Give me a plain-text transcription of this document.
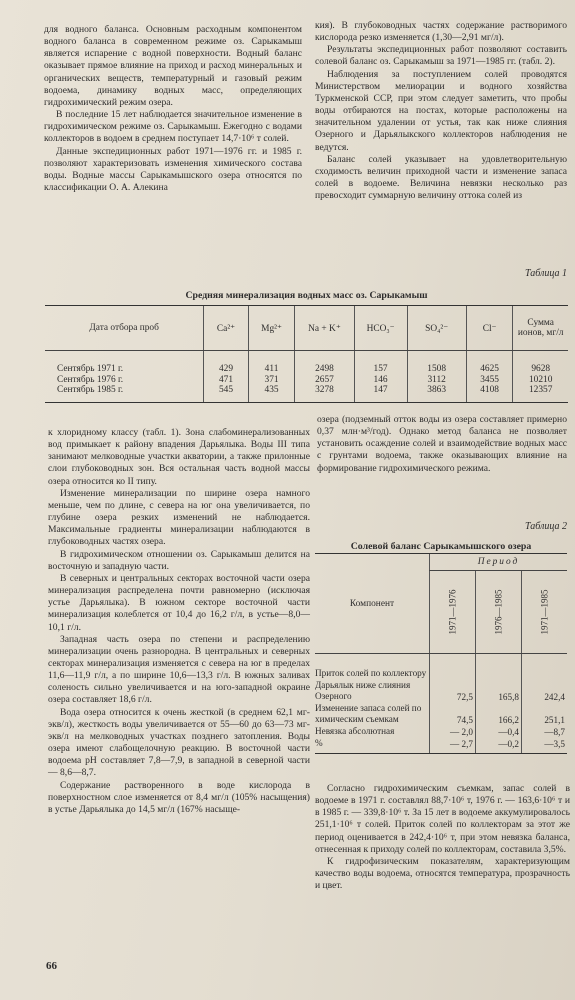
для водного баланса. Основным расходным компонентом водного баланса в современном режиме оз. Сарыкамыш является испарение с водной поверхности. Водный баланс оказывает прямое влияние на приход и расход минеральных и органических веществ, температурный и газовый режим водоема, динамику водных масс, определяющих гидрохимический режим озера.

В последние 15 лет наблюдается значительное изменение в гидрохимическом режиме оз. Сарыкамыш. Ежегодно с водами коллекторов в водоем в среднем поступает 14,7·10⁶ т солей.

Данные экспедиционных работ 1971—1976 гг. и 1985 г. позволяют характеризовать изменения химического состава воды. Водные массы Сарыкамышского озера относятся по классификации О. А. Алекина

кия). В глубоководных частях содержание растворимого кислорода резко изменяется (1,30—2,91 мг/л).

Результаты экспедиционных работ позволяют составить солевой баланс оз. Сарыкамыш за 1971—1985 гг. (табл. 2).

Наблюдения за поступлением солей проводятся Министерством мелиорации и водного хозяйства Туркменской ССР, при этом следует заметить, что пробы воды отбираются на постах, которые расположены на значительном удалении от устья, так как ниже слияния Озерного и Дарьялыкского коллекторов наблюдения не ведутся.

Баланс солей указывает на удовлетворительную сходимость величин приходной части и изменение запаса солей в водоеме. Величина невязки несколько раз превосходит суммарную величину оттока солей из

Таблица 1
Средняя минерализация водных масс оз. Сарыкамыш
Дата отбора проб	Ca²⁺	Mg²⁺	Na + K⁺	HCO₃⁻	SO₄²⁻	Cl⁻	Сумма ионов, мг/л
Сентябрь 1971 г.	429	411	2498	157	1508	4625	9628
Сентябрь 1976 г.	471	371	2657	146	3112	3455	10210
Сентябрь 1985 г.	545	435	3278	147	3863	4108	12357

к хлоридному классу (табл. 1). Зона слабоминерализованных вод примыкает к району впадения Дарьялыка. Воды III типа занимают мелководные участки акватории, а также прилонные слои глубоководных зон. Вся остальная часть водной массы озера относится ко II типу.

Изменение минерализации по ширине озера намного меньше, чем по длине, с севера на юг она увеличивается, по глубине озера резких изменений не наблюдается. Максимальные градиенты минерализации наблюдаются в глубоководных частях озера.

В гидрохимическом отношении оз. Сарыкамыш делится на восточную и западную части.

В северных и центральных секторах восточной части озера минерализация распределена почти равномерно (исключая устье Дарьялыка). В южном секторе восточной части минерализация колеблется от 10,4 до 16,2 г/л, в устье—8,0—10,1 г/л.

Западная часть озера по степени и распределению минерализации очень разнородна. В центральных и северных секторах минерализация изменяется с севера на юг в пределах 11,6—11,9 г/л, а по ширине 10,6—13,3 г/л. В южных заливах соленость сильно увеличивается и на юго-западной окраине озера составляет 18,6 г/л.

Вода озера относится к очень жесткой (в среднем 62,1 мг-экв/л), жесткость воды увеличивается от 55—60 до 63—73 мг-экв/л на мелководных участках позднего затопления. Воды озера имеют слабощелочную реакцию. В восточной части водоема pH составляет 7,8—7,9, в западной в северной части — 8,6—8,7.

Содержание растворенного в воде кислорода в поверхностном слое изменяется от 8,4 мг/л (105% насыщения) в устье Дарьялыка до 14,5 мг/л (167% насыще-

озера (подземный отток воды из озера составляет примерно 0,37 млн·м³/год). Однако метод баланса не позволяет установить осаждение солей и взаимодействие водных масс с грунтами водоема, также оказывающих влияние на формирование гидрохимического режима.

Таблица 2
Солевой баланс Сарыкамышского озера
Компонент	Период		
	1971—1976	1976—1985	1971—1985
Приток солей по коллектору Дарьялык ниже слияния Озерного	72,5	165,8	242,4
Изменение запаса солей по химическим съемкам	74,5	166,2	251,1
Невязка абсолютная	— 2,0	—0,4	—8,7
%	— 2,7	—0,2	—3,5

Согласно гидрохимическим съемкам, запас солей в водоеме в 1971 г. составлял 88,7·10⁶ т, 1976 г. — 163,6·10⁶ т и в 1985 г. — 339,8·10⁶ т. За 15 лет в водоеме аккумулировалось 251,1·10⁶ т солей. Приток солей по коллекторам за этот же период оценивается в 242,4·10⁶ т, при этом невязка баланса, отнесенная к приходу солей по коллекторам, составила 3,5%.

К гидрофизическим показателям, характеризующим качество воды водоема, относятся температура, прозрачность и цвет.

66
